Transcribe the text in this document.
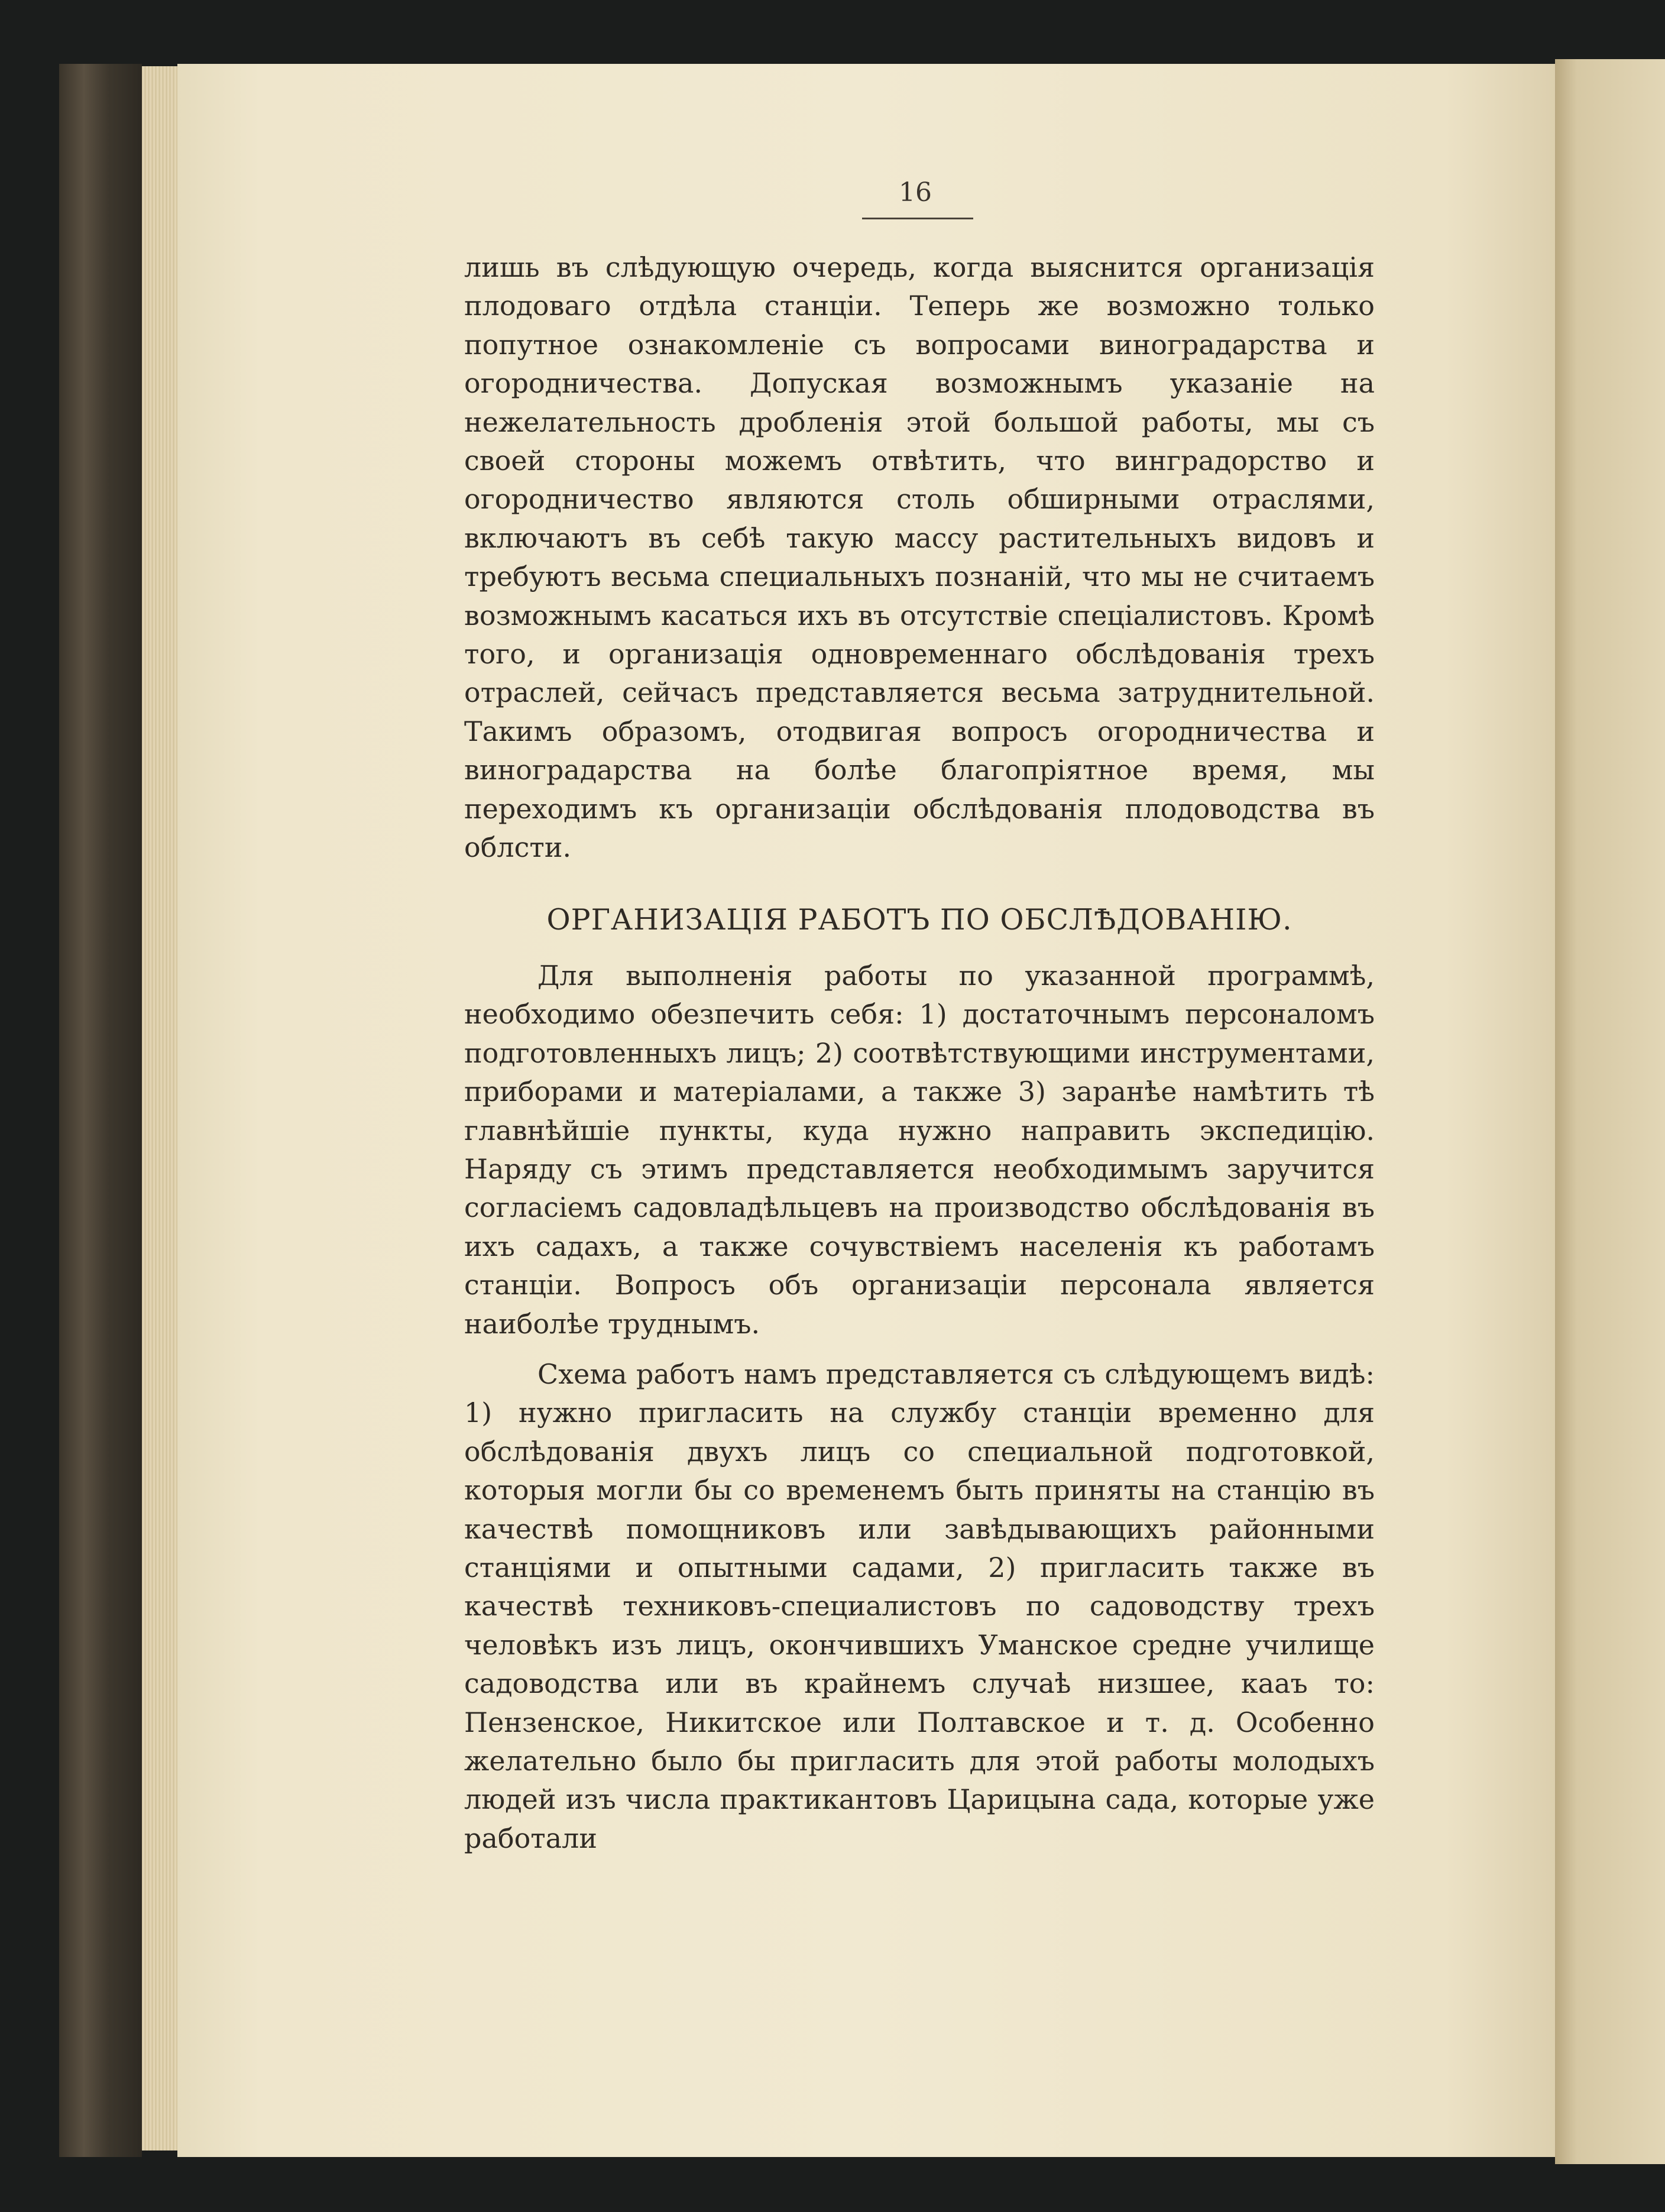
16

лишь въ слѣдующую очередь, когда выяснится организація плодоваго отдѣла станціи. Теперь же возможно только попутное ознакомленіе съ вопросами виноградарства и огородничества. Допуская возможнымъ указаніе на нежелательность дробленія этой большой работы, мы съ своей стороны можемъ отвѣтить, что винградорство и огородничество являются столь обширными отраслями, включаютъ въ себѣ такую массу растительныхъ видовъ и требуютъ весьма специальныхъ познаній, что мы не считаемъ возможнымъ касаться ихъ въ отсутствіе спеціалистовъ. Кромѣ того, и организація одновременнаго обслѣдованія трехъ отраслей, сейчасъ представляется весьма затруднительной. Такимъ образомъ, отодвигая вопросъ огородничества и виноградарства на болѣе благопріятное время, мы переходимъ къ организаціи обслѣдованія плодоводства въ облсти.

ОРГАНИЗАЦІЯ РАБОТЪ ПО ОБСЛѢДОВАНІЮ.

Для выполненія работы по указанной программѣ, необходимо обезпечить себя: 1) достаточнымъ персоналомъ подготовленныхъ лицъ; 2) соотвѣтствующими инструментами, приборами и матеріалами, а также 3) заранѣе намѣтить тѣ главнѣйшіе пункты, куда нужно направить экспедицію. Наряду съ этимъ представляется необходимымъ заручится согласіемъ садовладѣльцевъ на производство обслѣдованія въ ихъ садахъ, а также сочувствіемъ населенія къ работамъ станціи. Вопросъ объ организаціи персонала является наиболѣе труднымъ.

Схема работъ намъ представляется съ слѣдующемъ видѣ: 1) нужно пригласить на службу станціи временно для обслѣдованія двухъ лицъ со специальной подготовкой, которыя могли бы со временемъ быть приняты на станцію въ качествѣ помощниковъ или завѣдывающихъ районными станціями и опытными садами, 2) пригласить также въ качествѣ техниковъ-специалистовъ по садоводству трехъ человѣкъ изъ лицъ, окончившихъ Уманское средне училище садоводства или въ крайнемъ случаѣ низшее, кааъ то: Пензенское, Никитское или Полтавское и т. д. Особенно желательно было бы пригласить для этой работы молодыхъ людей изъ числа практикантовъ Царицына сада, которые уже работали
